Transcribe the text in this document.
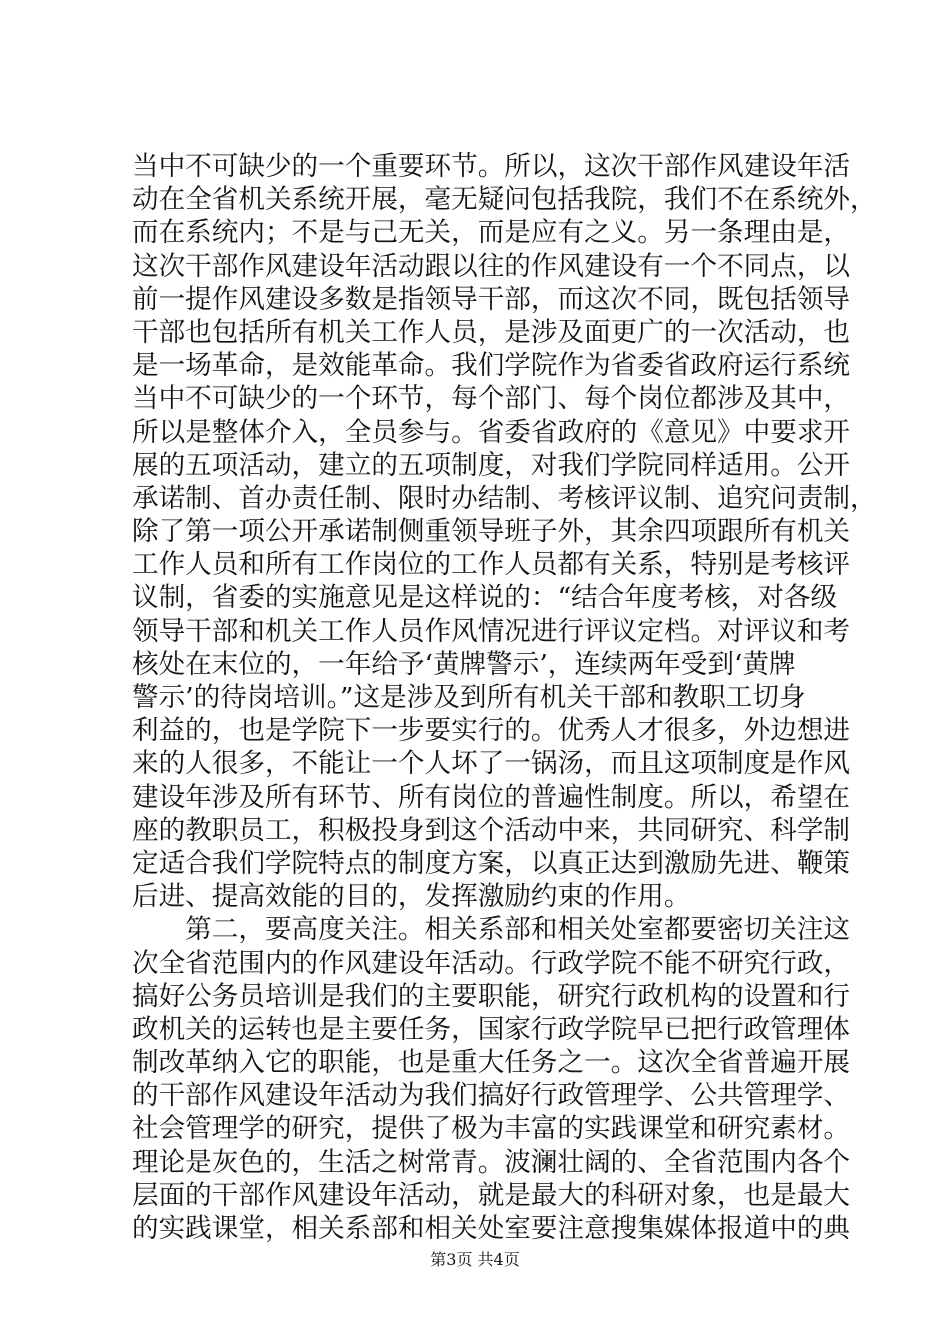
当中不可缺少的一个重要环节。所以，这次干部作风建设年活
动在全省机关系统开展，毫无疑问包括我院，我们不在系统外，
而在系统内；不是与己无关，而是应有之义。另一条理由是，
这次干部作风建设年活动跟以往的作风建设有一个不同点，以
前一提作风建设多数是指领导干部，而这次不同，既包括领导
干部也包括所有机关工作人员，是涉及面更广的一次活动，也
是一场革命，是效能革命。我们学院作为省委省政府运行系统
当中不可缺少的一个环节，每个部门、每个岗位都涉及其中，
所以是整体介入，全员参与。省委省政府的《意见》中要求开
展的五项活动，建立的五项制度，对我们学院同样适用。公开
承诺制、首办责任制、限时办结制、考核评议制、追究问责制，
除了第一项公开承诺制侧重领导班子外，其余四项跟所有机关
工作人员和所有工作岗位的工作人员都有关系，特别是考核评
议制，省委的实施意见是这样说的：“结合年度考核，对各级
领导干部和机关工作人员作风情况进行评议定档。对评议和考
核处在末位的，一年给予‘黄牌警示’，连续两年受到‘黄牌
警示’的待岗培训。”这是涉及到所有机关干部和教职工切身
利益的，也是学院下一步要实行的。优秀人才很多，外边想进
来的人很多，不能让一个人坏了一锅汤，而且这项制度是作风
建设年涉及所有环节、所有岗位的普遍性制度。所以，希望在
座的教职员工，积极投身到这个活动中来，共同研究、科学制
定适合我们学院特点的制度方案，以真正达到激励先进、鞭策
后进、提高效能的目的，发挥激励约束的作用。
　　第二，要高度关注。相关系部和相关处室都要密切关注这
次全省范围内的作风建设年活动。行政学院不能不研究行政，
搞好公务员培训是我们的主要职能，研究行政机构的设置和行
政机关的运转也是主要任务，国家行政学院早已把行政管理体
制改革纳入它的职能，也是重大任务之一。这次全省普遍开展
的干部作风建设年活动为我们搞好行政管理学、公共管理学、
社会管理学的研究，提供了极为丰富的实践课堂和研究素材。
理论是灰色的，生活之树常青。波澜壮阔的、全省范围内各个
层面的干部作风建设年活动，就是最大的科研对象，也是最大
的实践课堂，相关系部和相关处室要注意搜集媒体报道中的典
第3页 共4页
